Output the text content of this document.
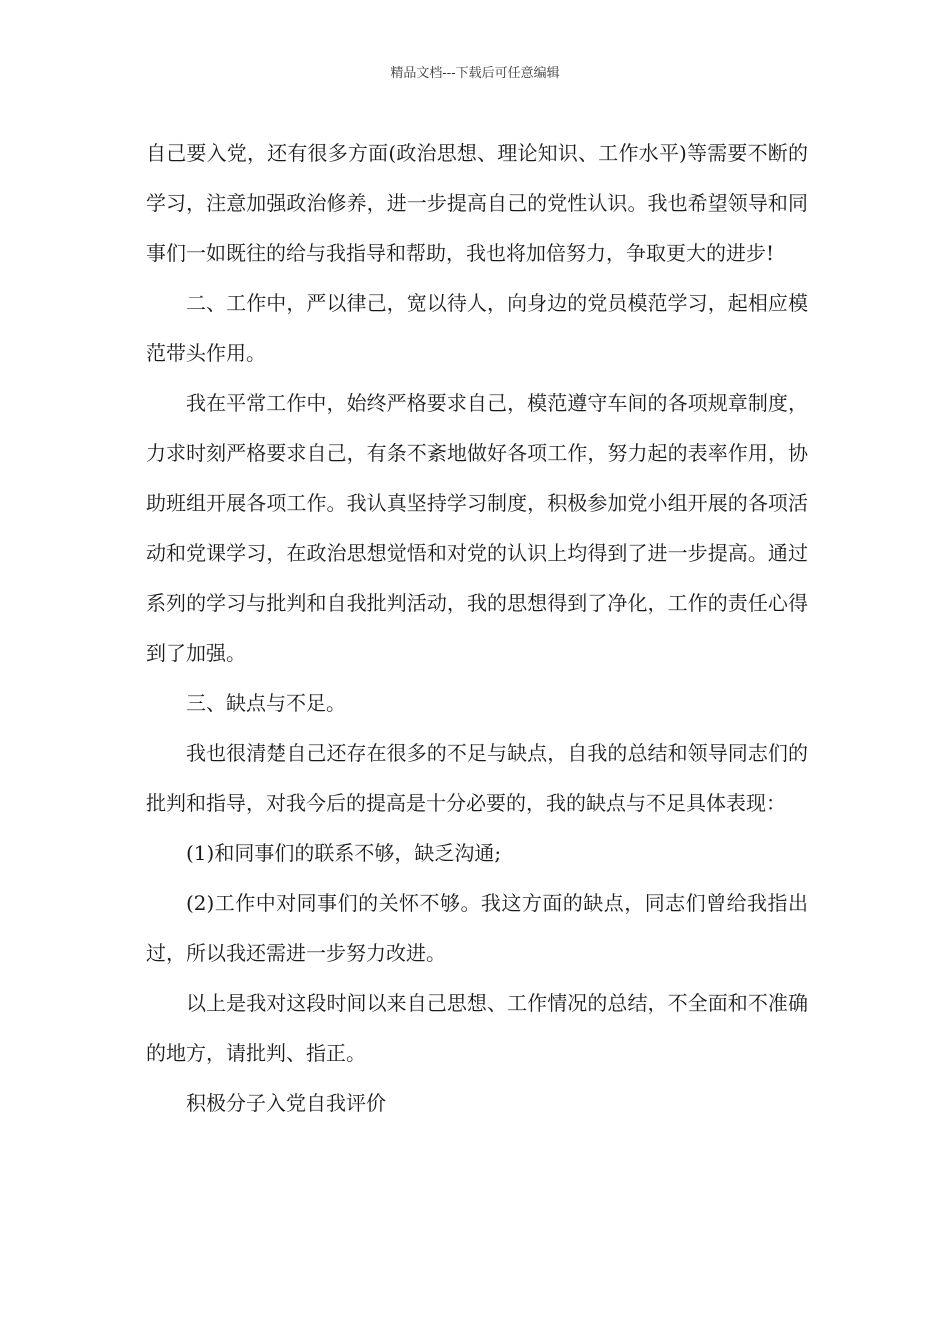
精品文档---下载后可任意编辑

自己要入党，还有很多方面(政治思想、理论知识、工作水平)等需要不断的学习，注意加强政治修养，进一步提高自己的党性认识。我也希望领导和同事们一如既往的给与我指导和帮助，我也将加倍努力，争取更大的进步!

二、工作中，严以律己，宽以待人，向身边的党员模范学习，起相应模范带头作用。

我在平常工作中，始终严格要求自己，模范遵守车间的各项规章制度，力求时刻严格要求自己，有条不紊地做好各项工作，努力起的表率作用，协助班组开展各项工作。我认真坚持学习制度，积极参加党小组开展的各项活动和党课学习，在政治思想觉悟和对党的认识上均得到了进一步提高。通过系列的学习与批判和自我批判活动，我的思想得到了净化，工作的责任心得到了加强。

三、缺点与不足。

我也很清楚自己还存在很多的不足与缺点，自我的总结和领导同志们的批判和指导，对我今后的提高是十分必要的，我的缺点与不足具体表现：

(1)和同事们的联系不够，缺乏沟通;

(2)工作中对同事们的关怀不够。我这方面的缺点，同志们曾给我指出过，所以我还需进一步努力改进。

以上是我对这段时间以来自己思想、工作情况的总结，不全面和不准确的地方，请批判、指正。

积极分子入党自我评价
